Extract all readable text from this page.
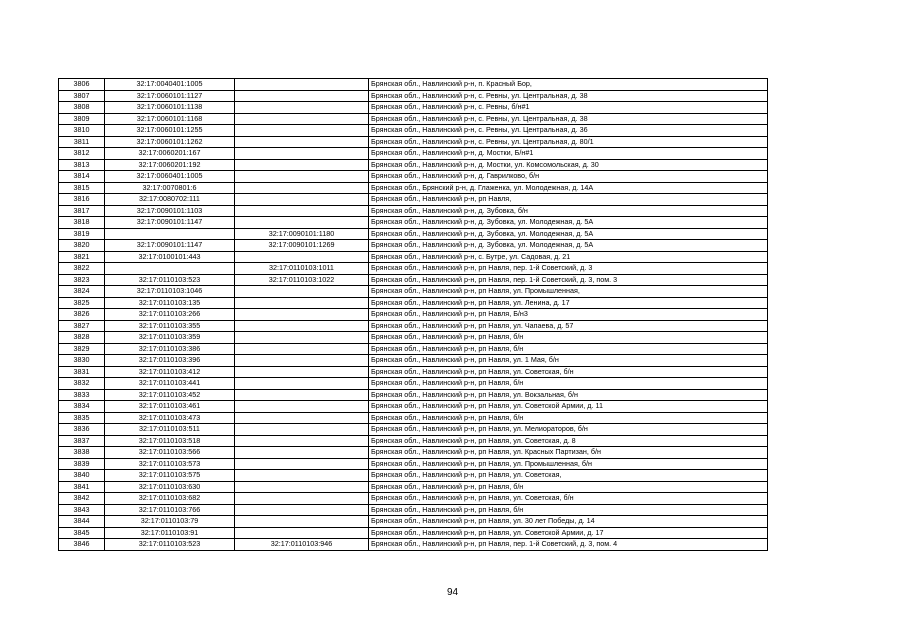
3806	32:17:0040401:1005		Брянская обл., Навлинский р-н, п. Красный Бор,
3807	32:17:0060101:1127		Брянская обл., Навлинский р-н, с. Ревны, ул. Центральная, д. 38
3808	32:17:0060101:1138		Брянская обл., Навлинский р-н, с. Ревны, б/н#1
3809	32:17:0060101:1168		Брянская обл., Навлинский р-н, с. Ревны, ул. Центральная, д. 38
3810	32:17:0060101:1255		Брянская обл., Навлинский р-н, с. Ревны, ул. Центральная, д. 36
3811	32:17:0060101:1262		Брянская обл., Навлинский р-н, с. Ревны, ул. Центральная, д. 80/1
3812	32:17:0060201:167		Брянская обл., Навлинский р-н, д. Мостки, Б/н#1
3813	32:17:0060201:192		Брянская обл., Навлинский р-н, д. Мостки, ул. Комсомольская, д. 30
3814	32:17:0060401:1005		Брянская обл., Навлинский р-н, д. Гаврилково, б/н
3815	32:17:0070801:6		Брянская обл., Брянский р-н, д. Глаженка, ул. Молодежная, д. 14А
3816	32:17:0080702:111		Брянская обл., Навлинский р-н, рп Навля,
3817	32:17:0090101:1103		Брянская обл., Навлинский р-н, д. Зубовка, б/н
3818	32:17:0090101:1147		Брянская обл., Навлинский р-н, д. Зубовка, ул. Молодежная, д. 5А
3819		32:17:0090101:1180	Брянская обл., Навлинский р-н, д. Зубовка, ул. Молодежная, д. 5А
3820	32:17:0090101:1147	32:17:0090101:1269	Брянская обл., Навлинский р-н, д. Зубовка, ул. Молодежная, д. 5А
3821	32:17:0100101:443		Брянская обл., Навлинский р-н, с. Бутре, ул. Садовая, д. 21
3822		32:17:0110103:1011	Брянская обл., Навлинский р-н, рп Навля, пер. 1-й Советский, д. 3
3823	32:17:0110103:523	32:17:0110103:1022	Брянская обл., Навлинский р-н, рп Навля, пер. 1-й Советский, д. 3, пом. 3
3824	32:17:0110103:1046		Брянская обл., Навлинский р-н, рп Навля, ул. Промышленная,
3825	32:17:0110103:135		Брянская обл., Навлинский р-н, рп Навля, ул. Ленина, д. 17
3826	32:17:0110103:266		Брянская обл., Навлинский р-н, рп Навля, Б/н3
3827	32:17:0110103:355		Брянская обл., Навлинский р-н, рп Навля, ул. Чапаева, д. 57
3828	32:17:0110103:359		Брянская обл., Навлинский р-н, рп Навля, б/н
3829	32:17:0110103:386		Брянская обл., Навлинский р-н, рп Навля, б/н
3830	32:17:0110103:396		Брянская обл., Навлинский р-н, рп Навля, ул. 1 Мая, б/н
3831	32:17:0110103:412		Брянская обл., Навлинский р-н, рп Навля, ул. Советская, б/н
3832	32:17:0110103:441		Брянская обл., Навлинский р-н, рп Навля, б/н
3833	32:17:0110103:452		Брянская обл., Навлинский р-н, рп Навля, ул. Вокзальная, б/н
3834	32:17:0110103:461		Брянская обл., Навлинский р-н, рп Навля, ул. Советской Армии, д. 11
3835	32:17:0110103:473		Брянская обл., Навлинский р-н, рп Навля, б/н
3836	32:17:0110103:511		Брянская обл., Навлинский р-н, рп Навля, ул. Мелиораторов, б/н
3837	32:17:0110103:518		Брянская обл., Навлинский р-н, рп Навля, ул. Советская, д. 8
3838	32:17:0110103:566		Брянская обл., Навлинский р-н, рп Навля, ул. Красных Партизан, б/н
3839	32:17:0110103:573		Брянская обл., Навлинский р-н, рп Навля, ул. Промышленная, б/н
3840	32:17:0110103:575		Брянская обл., Навлинский р-н, рп Навля, ул. Советская,
3841	32:17:0110103:630		Брянская обл., Навлинский р-н, рп Навля, б/н
3842	32:17:0110103:682		Брянская обл., Навлинский р-н, рп Навля, ул. Советская, б/н
3843	32:17:0110103:766		Брянская обл., Навлинский р-н, рп Навля, б/н
3844	32:17:0110103:79		Брянская обл., Навлинский р-н, рп Навля, ул. 30 лет Победы, д. 14
3845	32:17:0110103:91		Брянская обл., Навлинский р-н, рп Навля, ул. Советской Армии, д. 17
3846	32:17:0110103:523	32:17:0110103:946	Брянская обл., Навлинский р-н, рп Навля, пер. 1-й Советский, д. 3, пом. 4
94
